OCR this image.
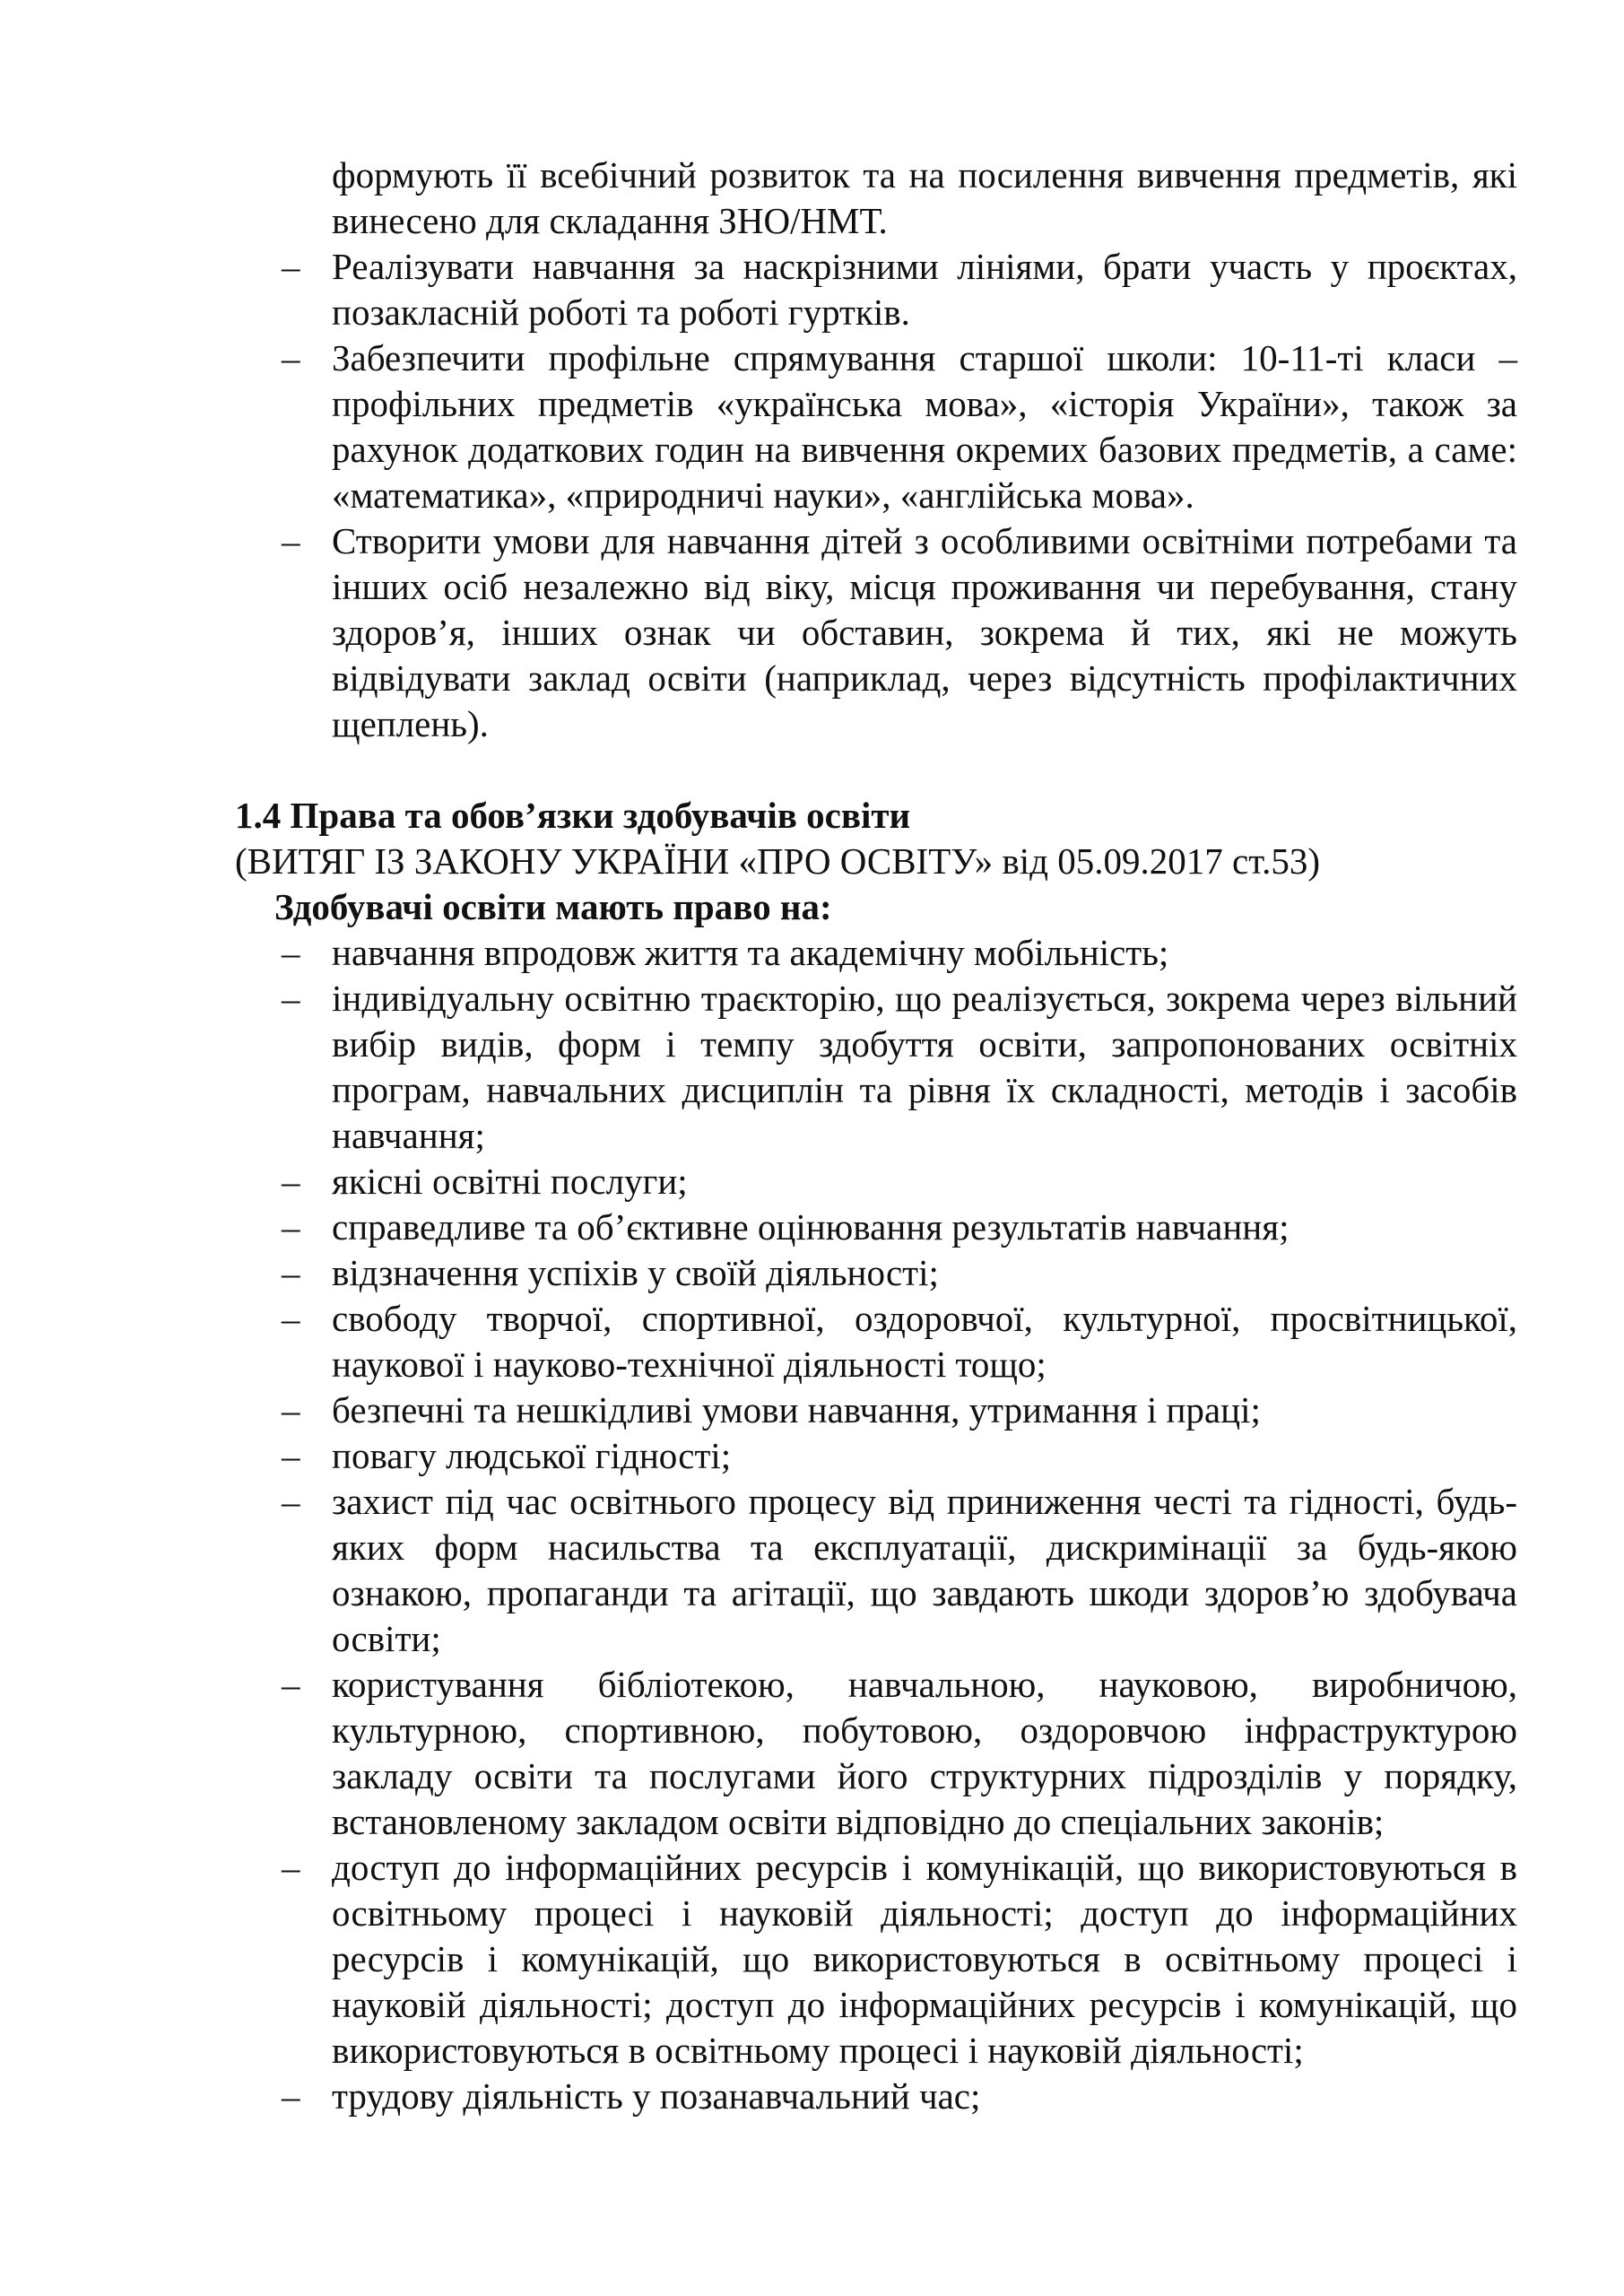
формують її всебічний розвиток та на посилення вивчення предметів, які винесено для складання ЗНО/НМТ.

– Реалізувати навчання за наскрізними лініями, брати участь у проєктах, позакласній роботі та роботі гуртків.
– Забезпечити профільне спрямування старшої школи: 10-11-ті класи – профільних предметів «українська мова», «історія України», також за рахунок додаткових годин на вивчення окремих базових предметів, а саме: «математика», «природничі науки», «англійська мова».
– Створити умови для навчання дітей з особливими освітніми потребами та інших осіб незалежно від віку, місця проживання чи перебування, стану здоров’я, інших ознак чи обставин, зокрема й тих, які не можуть відвідувати заклад освіти (наприклад, через відсутність профілактичних щеплень).

1.4 Права та обов’язки здобувачів освіти

(ВИТЯГ ІЗ ЗАКОНУ УКРАЇНИ «ПРО ОСВІТУ» від 05.09.2017 ст.53)

Здобувачі освіти мають право на:

– навчання впродовж життя та академічну мобільність;
– індивідуальну освітню траєкторію, що реалізується, зокрема через вільний вибір видів, форм і темпу здобуття освіти, запропонованих освітніх програм, навчальних дисциплін та рівня їх складності, методів і засобів навчання;
– якісні освітні послуги;
– справедливе та об’єктивне оцінювання результатів навчання;
– відзначення успіхів у своїй діяльності;
– свободу творчої, спортивної, оздоровчої, культурної, просвітницької, наукової і науково-технічної діяльності тощо;
– безпечні та нешкідливі умови навчання, утримання і праці;
– повагу людської гідності;
– захист під час освітнього процесу від приниження честі та гідності, будь-яких форм насильства та експлуатації, дискримінації за будь-якою ознакою, пропаганди та агітації, що завдають шкоди здоров’ю здобувача освіти;
– користування бібліотекою, навчальною, науковою, виробничою, культурною, спортивною, побутовою, оздоровчою інфраструктурою закладу освіти та послугами його структурних підрозділів у порядку, встановленому закладом освіти відповідно до спеціальних законів;
– доступ до інформаційних ресурсів і комунікацій, що використовуються в освітньому процесі і науковій діяльності; доступ до інформаційних ресурсів і комунікацій, що використовуються в освітньому процесі і науковій діяльності; доступ до інформаційних ресурсів і комунікацій, що використовуються в освітньому процесі і науковій діяльності;
– трудову діяльність у позанавчальний час;
